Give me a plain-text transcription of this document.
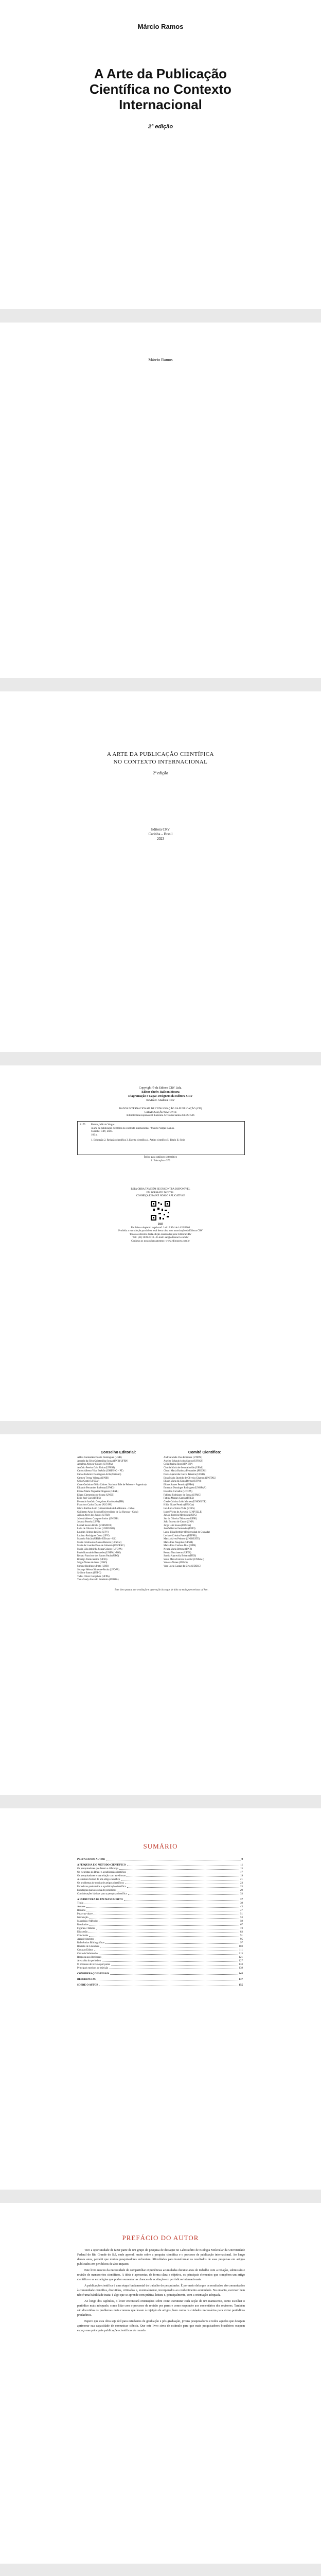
Márcio Ramos
A Arte da Publicação
Científica no Contexto
Internacional
2ª edição
Márcio Ramos
A ARTE DA PUBLICAÇÃO CIENTÍFICA
NO CONTEXTO INTERNACIONAL
2ª edição
Editora CRV
Curitiba – Brasil
2023
Copyright © da Editora CRV Ltda.
Editor-chefe: Railson Moura
Diagramação e Capa: Designers da Editora CRV
Revisão: Analista CRV
DADOS INTERNACIONAIS DE CATALOGAÇÃO NA PUBLICAÇÃO (CIP)
CATALOGAÇÃO NA FONTE
Bibliotecária responsável: Luzenira Alves dos Santos CRB9/1506
R175 Ramos, Márcio Vargas.
A arte da publicação científica no contexto internacional / Márcio Vargas Ramos.
Curitiba: CRV, 2023.
160 p.
1. Educação 2. Redação científica 3. Escrita científica 4. Artigo científico 5. Título II. Série
Índice para catálogo sistemático
1. Educação – 370
ESTA OBRA TAMBÉM SE ENCONTRA DISPONÍVEL
EM FORMATO DIGITAL.
CONHEÇA E BAIXE NOSSO APLICATIVO!
2023
Foi feito o depósito legal conf. Lei 10.994 de 14/12/2004
Proibida a reprodução parcial ou total desta obra sem autorização da Editora CRV
Todos os direitos desta edição reservados pela: Editora CRV
Tel.: (41) 3039-6418 – E-mail: sac@editoracrv.com.br
Conheça os nossos lançamentos: www.editoracrv.com.br
Conselho Editorial:
Aldira Guimarães Duarte Domínguez (UNB)
Andréia da Silva Quintanilha Sousa (UNIR/UFRN)
Anselmo Alencar Colares (UFOPA)
Antônio Pereira Gaio Júnior (UFRRJ)
Carlos Alberto Vilar Estêvão (UMINHO – PT)
Carlos Federico Dominguez Avila (Unieuro)
Carmen Tereza Velanga (UNIR)
Celso Conti (UFSCar)
Cesar Gerónimo Tello (Univer. Nacional Três de Febrero – Argentina)
Eduardo Fernandes Barbosa (UFMG)
Elione Maria Nogueira Diogenes (UFAL)
Elizeu Clementino de Souza (UNEB)
Élsio José Corá (UFFS)
Fernando Antônio Gonçalves Alcoforado (IPB)
Francisco Carlos Duarte (PUC-PR)
Gloria Fariñas León (Universidade de La Havana – Cuba)
Guillermo Arias Beatón (Universidade de La Havana – Cuba)
Jailson Alves dos Santos (UFRJ)
João Adalberto Campato Junior (UNESP)
Josania Portela (UFPI)
Leonel Severo Rocha (UNISINOS)
Lídia de Oliveira Xavier (UNIEURO)
Lourdes Helena da Silva (UFV)
Luciano Rodrigues Costa (UFV)
Marcelo Paixão (UFRJ e UTexas – US)
Maria Cristina dos Santos Bezerra (UFSCar)
Maria de Lourdes Pinto de Almeida (UNOESC)
Maria Lília Imbiriba Sousa Colares (UFOPA)
Paulo Romualdo Hernandes (UNIFAL-MG)
Renato Francisco dos Santos Paula (UFG)
Rodrigo Pratte-Santos (UFES)
Sérgio Nunes de Jesus (IFRO)
Simone Rodrigues Pinto (UNB)
Solange Helena Ximenes-Rocha (UFOPA)
Sydione Santos (UEPG)
Tadeu Oliver Gonçalves (UFPA)
Tania Suely Azevedo Brasileiro (UFOPA)
Comitê Científico:
Andrea Maila Voss Kominek (UTFPR)
Anelise Schaurich dos Santos (UFRGS)
Célia Regina Rossi (UNESP)
Cinthia Maria de Sena Abrahão (UFAL)
Cleoni Maria Barboza Fernandes (PUCRS)
Dalva Aparecida Garcia Teixeira (UFRR)
Edna Maria Querido de Oliveira Chamon (UNITAU)
Eliane Maria da Costa Bertuz (UFPel)
Eliane Soares Ferreira (UFPel)
Emerson Domingos Rodrigues (UNOPAR)
Everaldo Carvalho (UFOPA)
Fabiana Rodrigues de Sousa (UFMG)
Fatima Moraes Garcia (UFES)
Gisele Cristina Leão Moraes (UNIOESTE)
Hilda Eliane Pereira (UFSCar)
Iara Lucia Torres Vidal (UFES)
Izabel Vieira de Azevedo (UNIVILLE)
Jaciara Ferreira Mendonça (UFC)
Jair de Oliveira Thimoteo (UFRJ)
João Bezerra de Castro (UNP)
Jorge Luiz Sousa (UFSCar)
Josefa Barros Fernandes (UFPI)
Laura Elisa Berthier (Universidad de Granada)
Luciane Cristina Prates (UTFPR)
Marcia Alves Pedroso (UNIOESTE)
Maria Ines Naujorks (UFSM)
Marta Pina Cardoso Dias (IFPR)
Neuza Maria Bettenz (UNB)
Renata Nascimento (UFES)
Sandra Aparecida Bobato (IFES)
Sonia Maria Ferreira Koehler (UNISAL)
Vanessa Nunes (UEMS)
Vera Lúcia Gaspar da Silva (UDESC)
Este livro passou por avaliação e aprovação às cegas de dois ou mais pareceristas ad hoc.
SUMÁRIO
PREFÁCIO DO AUTOR	9
A PESQUISA E O MÉTODO CIENTÍFICO	11
Os pesquisadores que fazem a diferença	15
Os cientistas no Brasil e a publicação científica	17
Os pesquisadores e sua relação com as editoras	19
A estrutura formal de um artigo científico	21
Os problemas de escrita de artigos científicos	23
Periódicos predatórios e a publicação científica	25
Estratégias para escolha de periódicos	29
Considerações básicas para a pesquisa científica	33
A ESTRUTURA DE UM MANUSCRITO	37
Título	39
Autores	43
Resumo	47
Palavras-chave	51
Introdução	53
Materiais e Métodos	59
Resultados	67
Figuras e Tabelas	73
Discussão	83
Conclusão	91
Agradecimentos	95
Referências Bibliográficas	97
Revisão de Literatura	103
Carta ao Editor	111
Carta de Submissão	115
Resposta aos Revisores	121
A escolha do periódico	127
O processo de revisão por pares	133
Principais motivos de rejeição	139
CONSIDERAÇÕES FINAIS	145
REFERÊNCIAS	147
SOBRE O AUTOR	155
PREFÁCIO DO AUTOR

Tive a oportunidade de fazer parte de um grupo de pesquisa de destaque no Laboratório de Biologia Molecular da Universidade Federal do Rio Grande do Sul, onde aprendi muito sobre a pesquisa científica e o processo de publicação internacional. Ao longo desses anos, percebi que muitos pesquisadores enfrentam dificuldades para transformar os resultados de suas pesquisas em artigos publicados em periódicos de alto impacto.

Este livro nasceu da necessidade de compartilhar experiências acumuladas durante anos de trabalho com a redação, submissão e revisão de manuscritos científicos. A ideia é apresentar, de forma clara e objetiva, os principais elementos que compõem um artigo científico e as estratégias que podem aumentar as chances de aceitação em periódicos internacionais.

A publicação científica é uma etapa fundamental do trabalho do pesquisador. É por meio dela que os resultados são comunicados à comunidade científica, discutidos, criticados e, eventualmente, incorporados ao conhecimento acumulado. No entanto, escrever bem não é uma habilidade inata; é algo que se aprende com prática, leitura e, principalmente, com a orientação adequada.

Ao longo dos capítulos, o leitor encontrará orientações sobre como estruturar cada seção de um manuscrito, como escolher o periódico mais adequado, como lidar com o processo de revisão por pares e como responder aos comentários dos revisores. Também são discutidos os problemas mais comuns que levam à rejeição de artigos, bem como os cuidados necessários para evitar periódicos predatórios.

Espero que esta obra seja útil para estudantes de graduação e pós-graduação, jovens pesquisadores e todos aqueles que desejam aprimorar sua capacidade de comunicar ciência. Que este livro sirva de estímulo para que mais pesquisadores brasileiros ocupem espaço nas principais publicações científicas do mundo.
